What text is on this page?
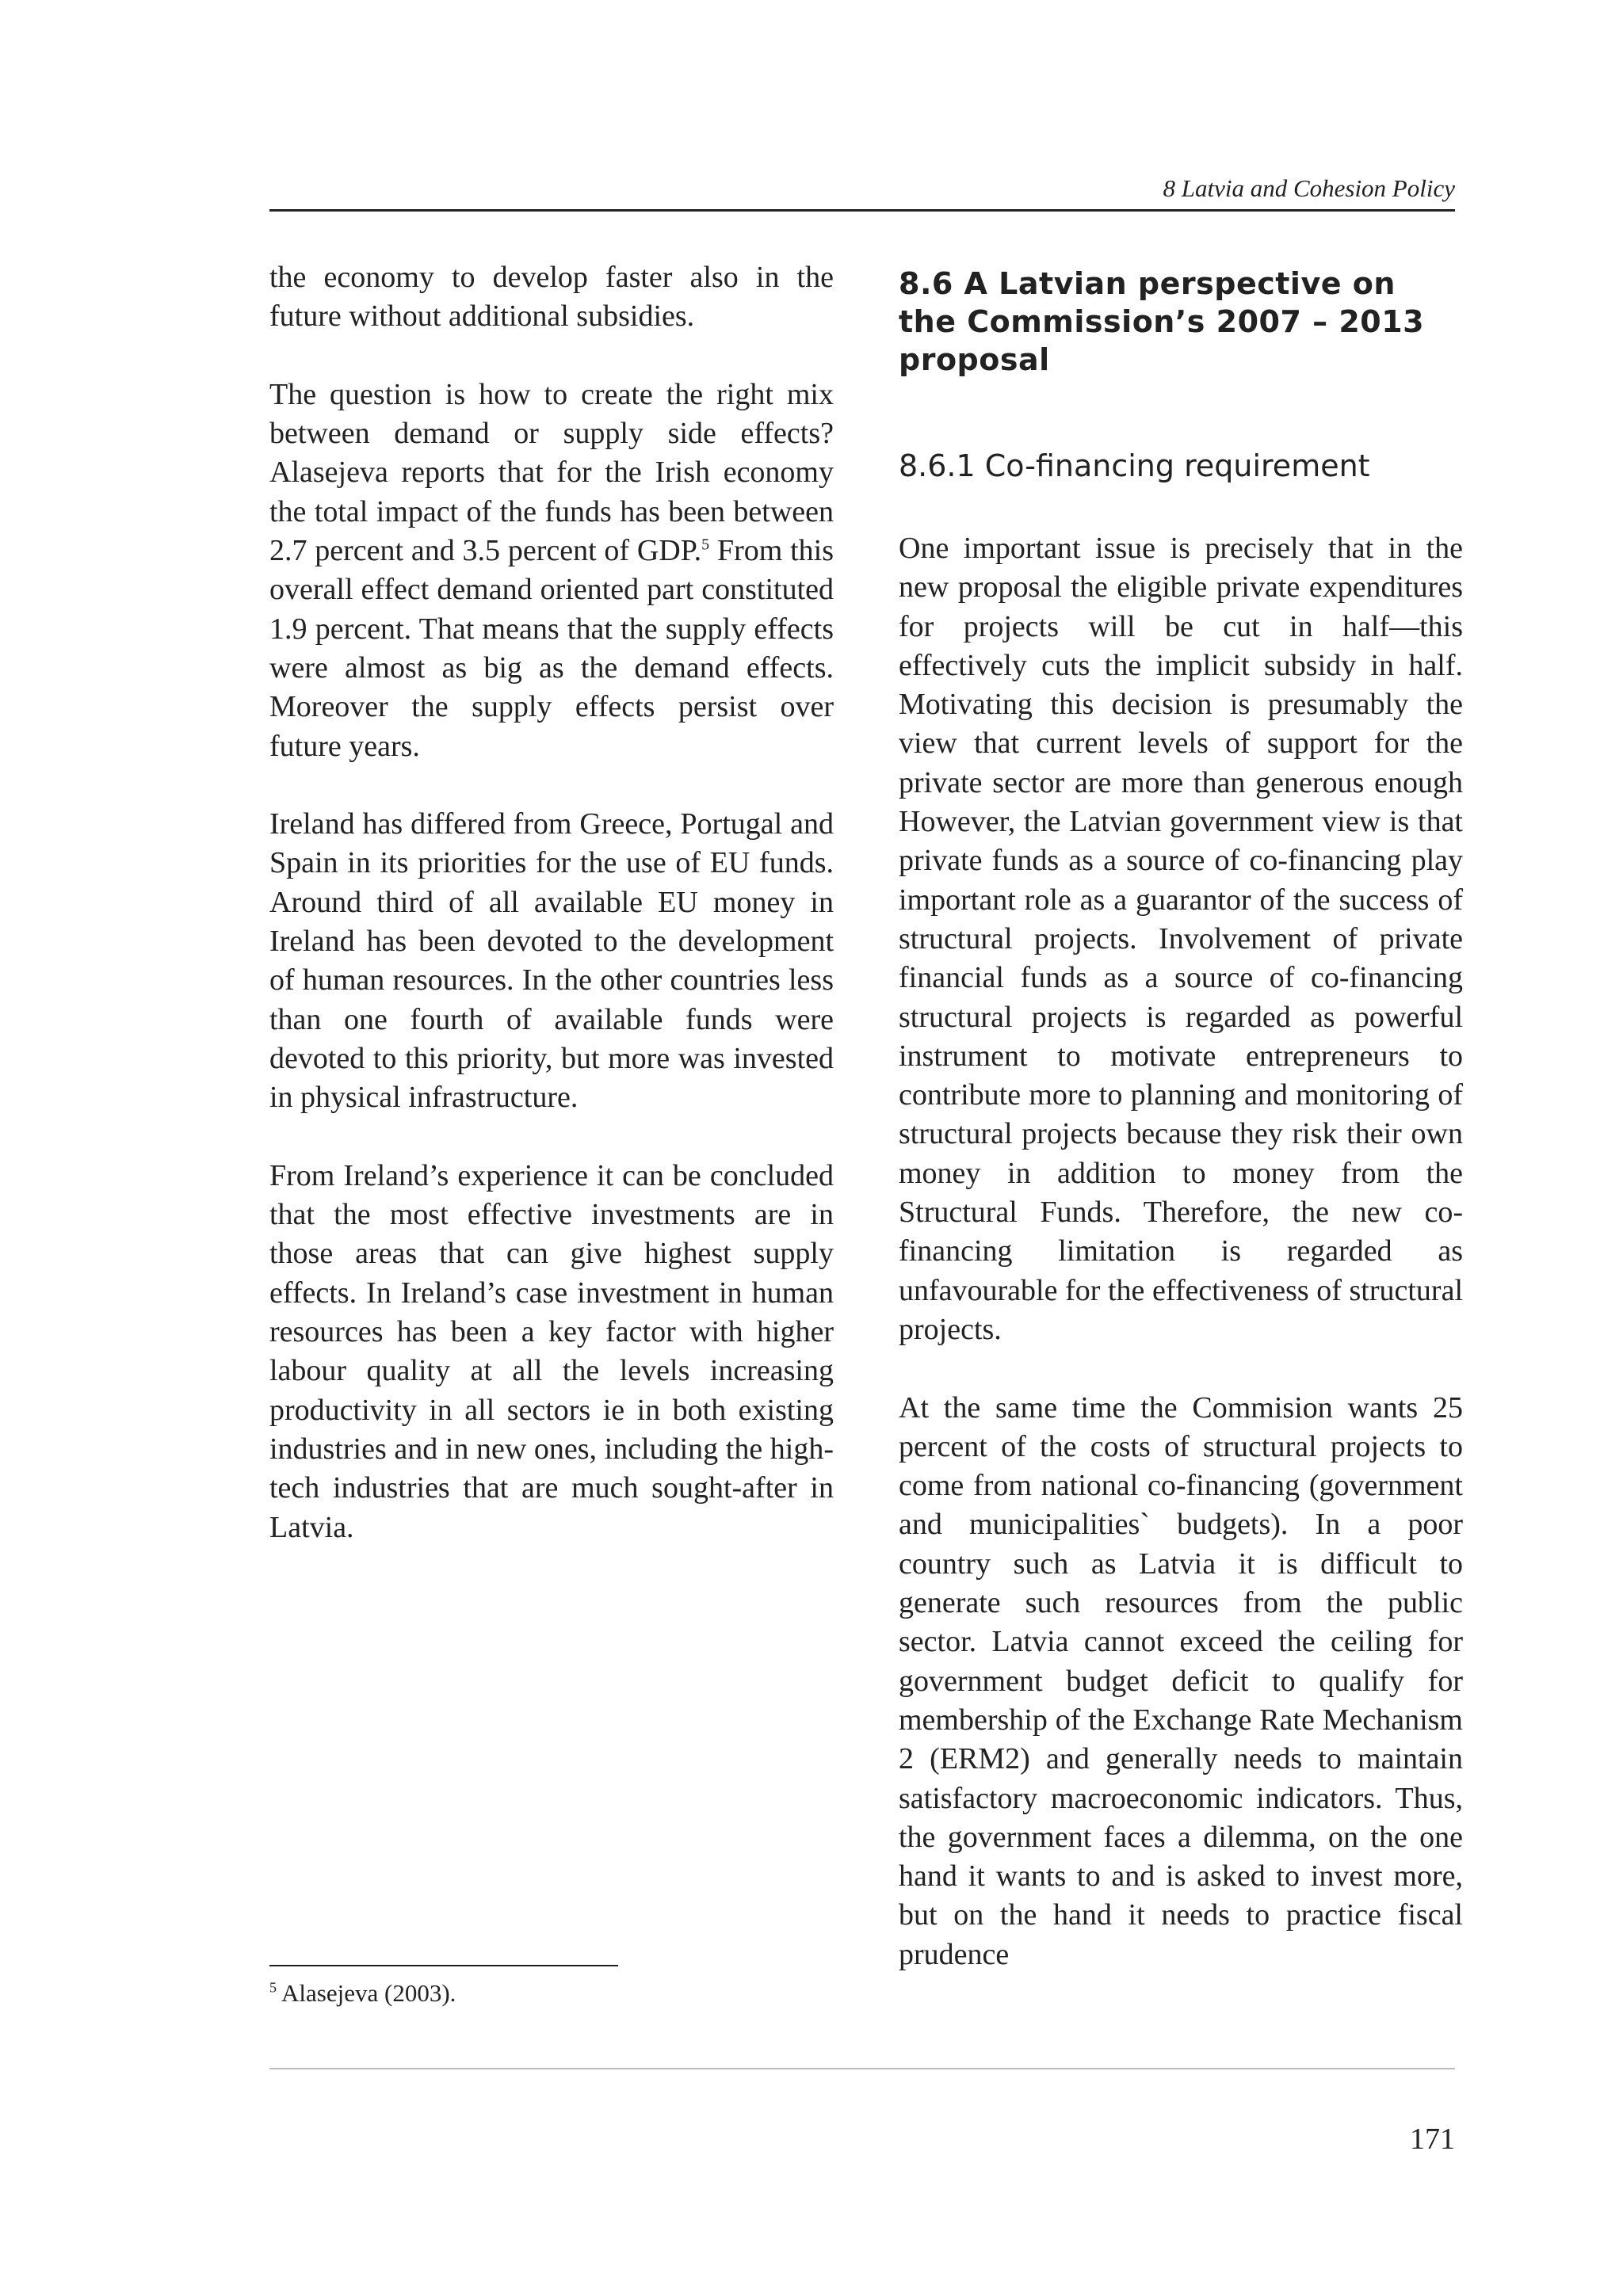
8 Latvia and Cohesion Policy

the economy to develop faster also in the future without additional subsidies.

The question is how to create the right mix between demand or supply side effects? Alasejeva reports that for the Irish economy the total impact of the funds has been between 2.7 percent and 3.5 percent of GDP.$^5$ From this overall effect demand oriented part constituted 1.9 percent. That means that the supply effects were almost as big as the demand effects. Moreover the supply effects persist over future years.

Ireland has differed from Greece, Portugal and Spain in its priorities for the use of EU funds. Around third of all available EU money in Ireland has been devoted to the development of human resources. In the other countries less than one fourth of available funds were devoted to this priority, but more was invested in physical infrastructure.

From Ireland’s experience it can be concluded that the most effective investments are in those areas that can give highest supply effects. In Ireland’s case investment in human resources has been a key factor with higher labour quality at all the levels increasing productivity in all sectors ie in both existing industries and in new ones, including the high-tech industries that are much sought-after in Latvia.

8.6 A Latvian perspective on the Commission’s 2007 – 2013 proposal
8.6.1 Co-financing requirement

One important issue is precisely that in the new proposal the eligible private expenditures for projects will be cut in half—this effectively cuts the implicit subsidy in half. Motivating this decision is presumably the view that current levels of support for the private sector are more than generous enough However, the Latvian government view is that private funds as a source of co-financing play important role as a guarantor of the success of structural projects. Involvement of private financial funds as a source of co-financing structural projects is regarded as powerful instrument to motivate entrepreneurs to contribute more to planning and monitoring of structural projects because they risk their own money in addition to money from the Structural Funds. Therefore, the new co-financing limitation is regarded as unfavourable for the effectiveness of structural projects.

At the same time the Commision wants 25 percent of the costs of structural projects to come from national co-financing (government and municipalities` budgets). In a poor country such as Latvia it is difficult to generate such resources from the public sector. Latvia cannot exceed the ceiling for government budget deficit to qualify for membership of the Exchange Rate Mechanism 2 (ERM2) and generally needs to maintain satisfactory macroeconomic indicators. Thus, the government faces a dilemma, on the one hand it wants to and is asked to invest more, but on the hand it needs to practice fiscal prudence

$^5$ Alasejeva (2003).
171
